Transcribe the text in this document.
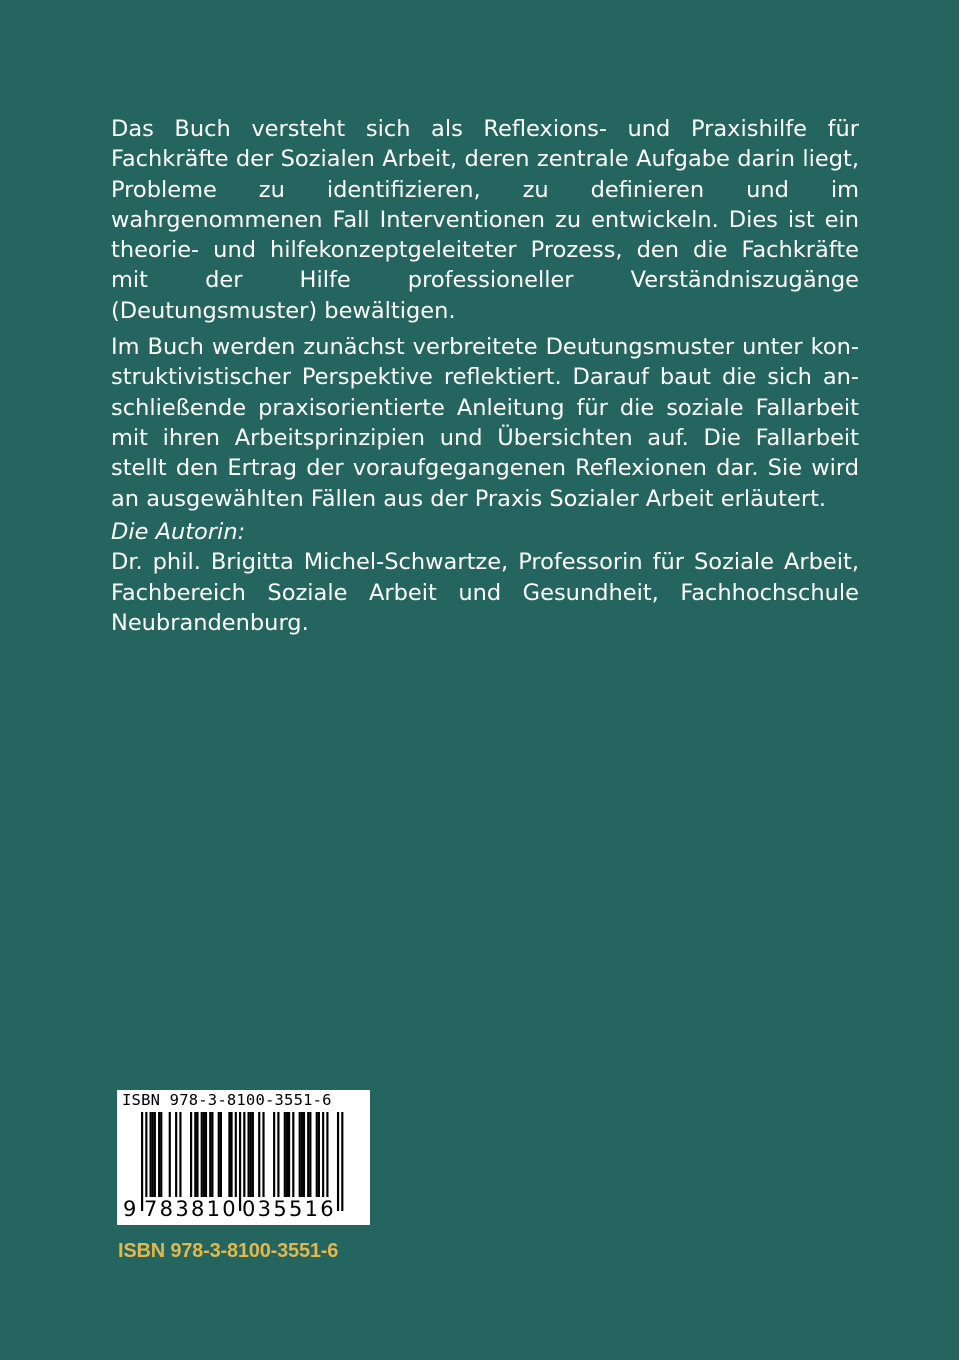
Das Buch versteht sich als Reflexions- und Praxishilfe für Fachkräfte der Sozialen Arbeit, deren zentrale Aufgabe darin liegt, Probleme zu identifizieren, zu definieren und im wahrgenommenen Fall Interventionen zu entwickeln. Dies ist ein theorie- und hilfekonzeptgeleiteter Prozess, den die Fachkräfte mit der Hilfe professioneller Verständniszugänge (Deutungsmuster) bewältigen.

Im Buch werden zunächst verbreitete Deutungsmuster unter konstruktivistischer Perspektive reflektiert. Darauf baut die sich anschließende praxisorientierte Anleitung für die soziale Fallarbeit mit ihren Arbeitsprinzipien und Übersichten auf. Die Fallarbeit stellt den Ertrag der voraufgegangenen Reflexionen dar. Sie wird an ausgewählten Fällen aus der Praxis Sozialer Arbeit erläutert.

Die Autorin:
Dr. phil. Brigitta Michel-Schwartze, Professorin für Soziale Arbeit, Fachbereich Soziale Arbeit und Gesundheit, Fachhochschule Neubrandenburg.
ISBN 978-3-8100-3551-6
9 783810 035516
ISBN 978-3-8100-3551-6
